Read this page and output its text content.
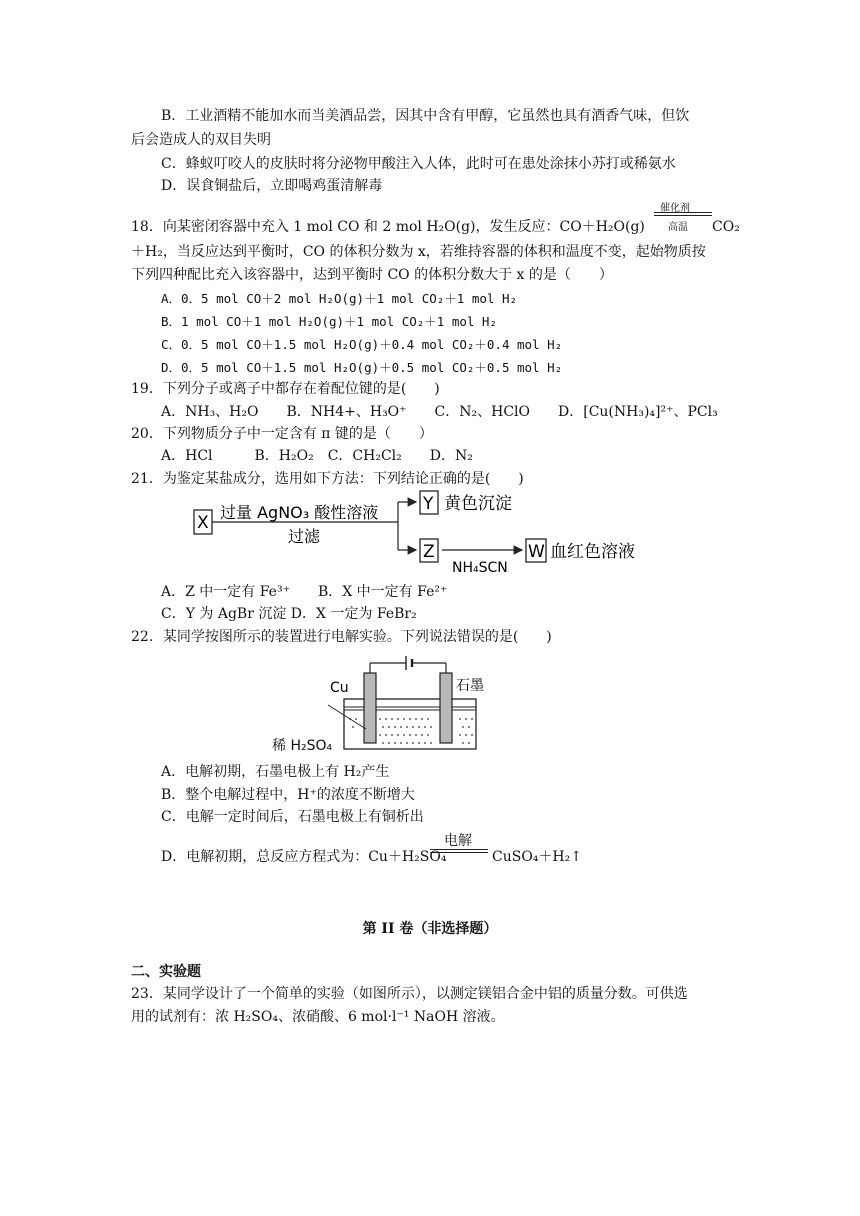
B．工业酒精不能加水而当美酒品尝，因其中含有甲醇，它虽然也具有酒香气味，但饮
后会造成人的双目失明
C．蜂蚁叮咬人的皮肤时将分泌物甲酸注入人体，此时可在患处涂抹小苏打或稀氨水
D．误食铜盐后，立即喝鸡蛋清解毒
18．向某密闭容器中充入 1 mol CO 和 2 mol H₂O(g)，发生反应：CO＋H₂O(g)
催化剂
高温 CO₂
＋H₂，当反应达到平衡时，CO 的体积分数为 x，若维持容器的体积和温度不变，起始物质按
下列四种配比充入该容器中，达到平衡时 CO 的体积分数大于 x 的是（　　）
A．0．5 mol CO＋2 mol H₂O(g)＋1 mol CO₂＋1 mol H₂
B．1 mol CO＋1 mol H₂O(g)＋1 mol CO₂＋1 mol H₂
C．0．5 mol CO＋1.5 mol H₂O(g)＋0.4 mol CO₂＋0.4 mol H₂
D．0．5 mol CO＋1.5 mol H₂O(g)＋0.5 mol CO₂＋0.5 mol H₂
19．下列分子或离子中都存在着配位键的是(　　)
A．NH₃、H₂O　　B．NH4+、H₃O⁺　　C．N₂、HClO　　D．[Cu(NH₃)₄]²⁺、PCl₃
20．下列物质分子中一定含有 π 键的是（　　）
A．HCl　　　B．H₂O₂　C．CH₂Cl₂　　D．N₂
21．为鉴定某盐成分，选用如下方法：下列结论正确的是(　　)
X
过量 AgNO₃ 酸性溶液
过滤
Y 黄色沉淀
Z
NH₄SCN
W 血红色溶液
A．Z 中一定有 Fe³⁺　　B．X 中一定有 Fe²⁺
C．Y 为 AgBr 沉淀 D．X 一定为 FeBr₂
22．某同学按图所示的装置进行电解实验。下列说法错误的是(　　)
Cu	石墨
稀 H₂SO₄
A．电解初期，石墨电极上有 H₂产生
B．整个电解过程中，H⁺的浓度不断增大
C．电解一定时间后，石墨电极上有铜析出
D．电解初期，总反应方程式为：Cu＋H₂SO₄
电解
CuSO₄＋H₂↑
第 II 卷（非选择题）
二、实验题
23．某同学设计了一个简单的实验（如图所示），以测定镁铝合金中铝的质量分数。可供选
用的试剂有：浓 H₂SO₄、浓硝酸、6 mol·l⁻¹ NaOH 溶液。
